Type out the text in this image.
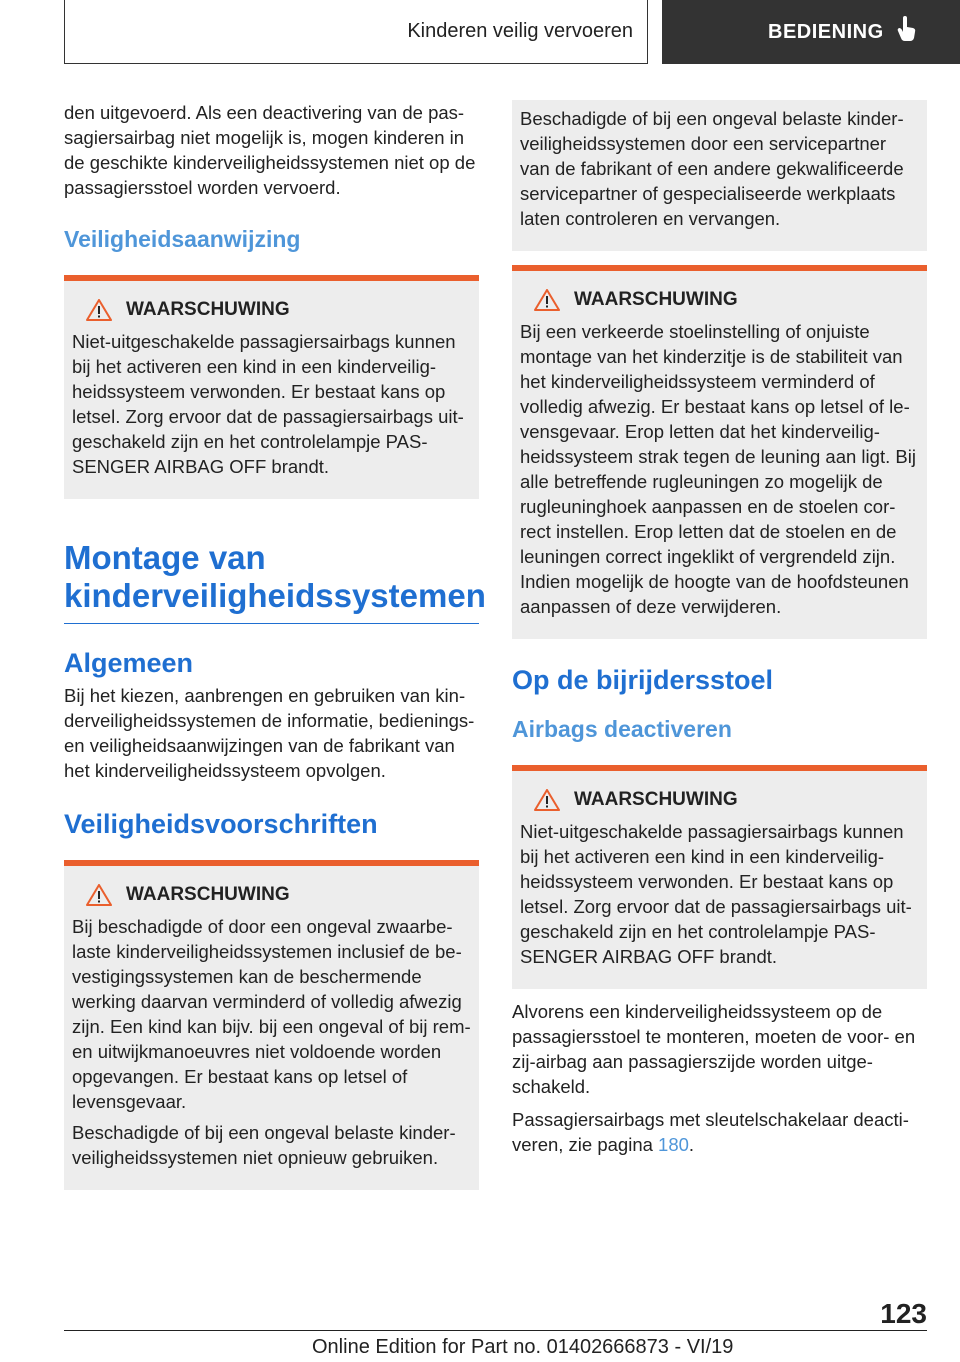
Kinderen veilig vervoeren	BEDIENING

den uitgevoerd. Als een deactivering van de passagiersairbag niet mogelijk is, mogen kinderen in de geschikte kinderveiligheidssystemen niet op de passagiersstoel worden vervoerd.

Veiligheidsaanwijzing
WAARSCHUWING

Niet-uitgeschakelde passagiersairbags kunnen bij het activeren een kind in een kinderveiligheidssysteem verwonden. Er bestaat kans op letsel. Zorg ervoor dat de passagiersairbags uitgeschakeld zijn en het controlelampje PASSENGER AIRBAG OFF brandt.

Montage van kinderveiligheidssystemen
Algemeen

Bij het kiezen, aanbrengen en gebruiken van kinderveiligheidssystemen de informatie, bedienings- en veiligheidsaanwijzingen van de fabrikant van het kinderveiligheidssysteem opvolgen.

Veiligheidsvoorschriften
WAARSCHUWING

Bij beschadigde of door een ongeval zwaarbelaste kinderveiligheidssystemen inclusief de bevestigingssystemen kan de beschermende werking daarvan verminderd of volledig afwezig zijn. Een kind kan bijv. bij een ongeval of bij rem- en uitwijkmanoeuvres niet voldoende worden opgevangen. Er bestaat kans op letsel of levensgevaar.

Beschadigde of bij een ongeval belaste kinderveiligheidssystemen niet opnieuw gebruiken.

Beschadigde of bij een ongeval belaste kinderveiligheidssystemen door een servicepartner van de fabrikant of een andere gekwalificeerde servicepartner of gespecialiseerde werkplaats laten controleren en vervangen.

WAARSCHUWING

Bij een verkeerde stoelinstelling of onjuiste montage van het kinderzitje is de stabiliteit van het kinderveiligheidssysteem verminderd of volledig afwezig. Er bestaat kans op letsel of levensgevaar. Erop letten dat het kinderveiligheidssysteem strak tegen de leuning aan ligt. Bij alle betreffende rugleuningen zo mogelijk de rugleuninghoek aanpassen en de stoelen correct instellen. Erop letten dat de stoelen en de leuningen correct ingeklikt of vergrendeld zijn. Indien mogelijk de hoogte van de hoofdsteunen aanpassen of deze verwijderen.

Op de bijrijdersstoel
Airbags deactiveren
WAARSCHUWING

Niet-uitgeschakelde passagiersairbags kunnen bij het activeren een kind in een kinderveiligheidssysteem verwonden. Er bestaat kans op letsel. Zorg ervoor dat de passagiersairbags uitgeschakeld zijn en het controlelampje PASSENGER AIRBAG OFF brandt.

Alvorens een kinderveiligheidssysteem op de passagiersstoel te monteren, moeten de voor- en zij-airbag aan passagierszijde worden uitgeschakeld.

Passagiersairbags met sleutelschakelaar deactiveren, zie pagina 180.

123
Online Edition for Part no. 01402666873 - VI/19
